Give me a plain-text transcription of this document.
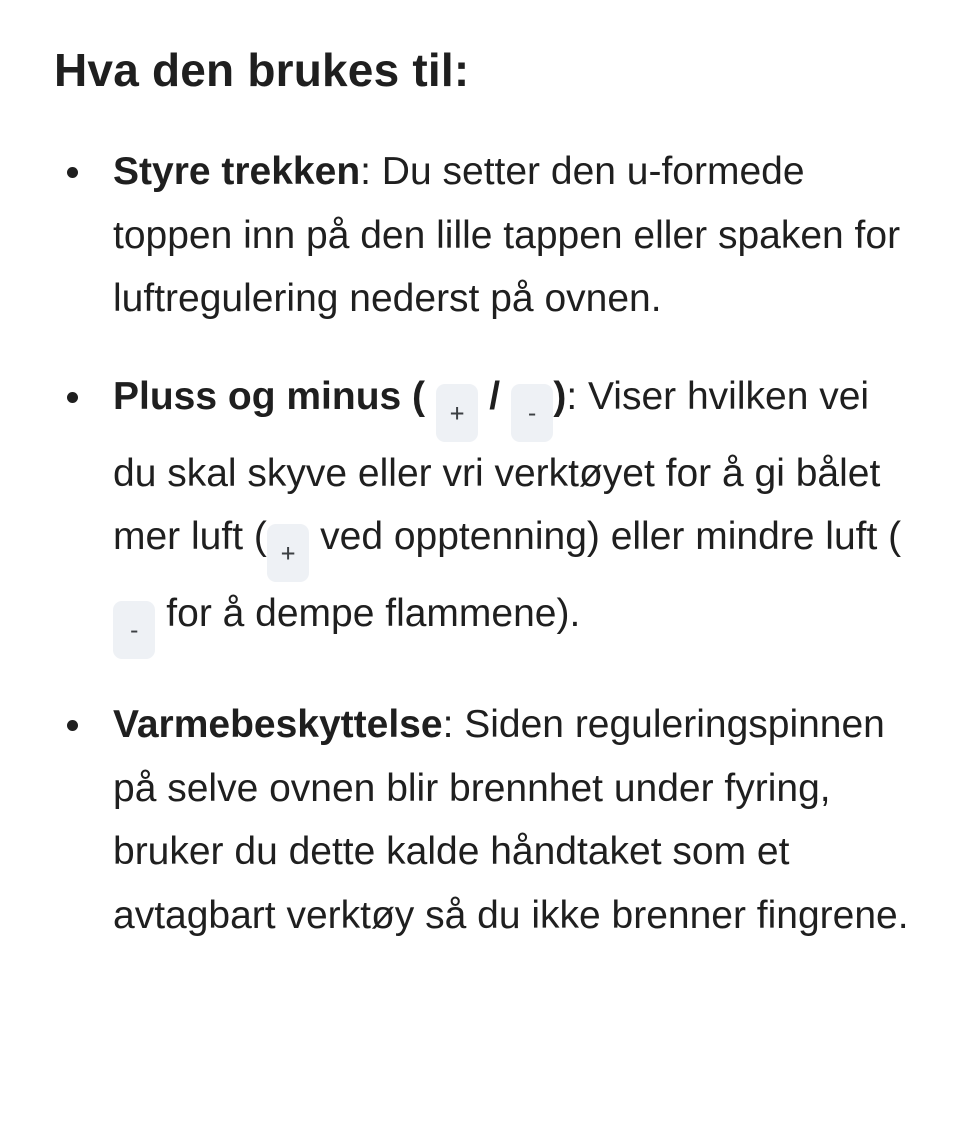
Hva den brukes til:
Styre trekken: Du setter den u-formede toppen inn på den lille tappen eller spaken for luftregulering nederst på ovnen.
Pluss og minus ( + / - ): Viser hvilken vei du skal skyve eller vri verktøyet for å gi bålet mer luft ( + ved opptenning) eller mindre luft (- for å dempe flammene).
Varmebeskyttelse: Siden reguleringspinnen på selve ovnen blir brennhet under fyring, bruker du dette kalde håndtaket som et avtagbart verktøy så du ikke brenner fingrene.
